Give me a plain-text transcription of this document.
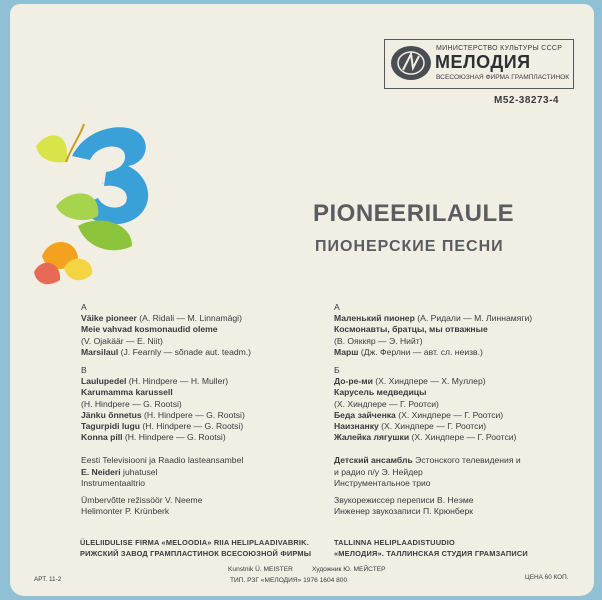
МИНИСТЕРСТВО КУЛЬТУРЫ СССР
МЕЛОДИЯ
ВСЕСОЮЗНАЯ ФИРМА ГРАМПЛАСТИНОК
М52-38273-4
2
PIONEERILAULE
ПИОНЕРСКИЕ ПЕСНИ
A
Väike pioneer (A. Ridali — M. Linnamägi)
Meie vahvad kosmonaudid oleme
(V. Ojakäär — E. Niit)
Marsilaul (J. Fearnly — sõnade aut. teadm.)
B
Laulupedel (H. Hindpere — H. Muller)
Karumamma karussell
(H. Hindpere — G. Rootsi)
Jänku õnnetus (H. Hindpere — G. Rootsi)
Tagurpidi lugu (H. Hindpere — G. Rootsi)
Konna pill (H. Hindpere — G. Rootsi)
Eesti Televisiooni ja Raadio lasteansambel
E. Neideri juhatusel
Instrumentaaltrio
Ümbervõtte režissöör V. Neeme
Helimonter P. Krünberk
A
Маленький пионер (А. Ридали — М. Линнамяги)
Космонавты, братцы, мы отважные
(В. Ояккяр — Э. Нийт)
Марш (Дж. Ферлни — авт. сл. неизв.)
Б
До-ре-ми (Х. Хиндпере — Х. Муллер)
Карусель медведицы
(Х. Хиндпере — Г. Роотси)
Беда зайченка (Х. Хиндпере — Г. Роотси)
Наизнанку (Х. Хиндпере — Г. Роотси)
Жалейка лягушки (Х. Хиндпере — Г. Роотси)
Детский ансамбль Эстонского телевидения и
и радио п/у Э. Нейдер
Инструментальное трио
Звукорежиссер переписи В. Неэме
Инженер звукозаписи П. Крюнберк
ÜLELIIDULISE FIRMA «MELOODIA» RIIA HELIPLAADIVABRIK.
РИЖСКИЙ ЗАВОД ГРАМПЛАСТИНОК ВСЕСОЮЗНОЙ ФИРМЫ
TALLINNA HELIPLAADISTUUDIO
«МЕЛОДИЯ». ТАЛЛИНСКАЯ СТУДИЯ ГРАМЗАПИСИ
АРТ. 11-2
Kunstnik Ü. MEISTER	Художник Ю. МЕЙСТЕР
ТИП. РЗГ «МЕЛОДИЯ» 1976 1604 800	ЦЕНА 60 КОП.
